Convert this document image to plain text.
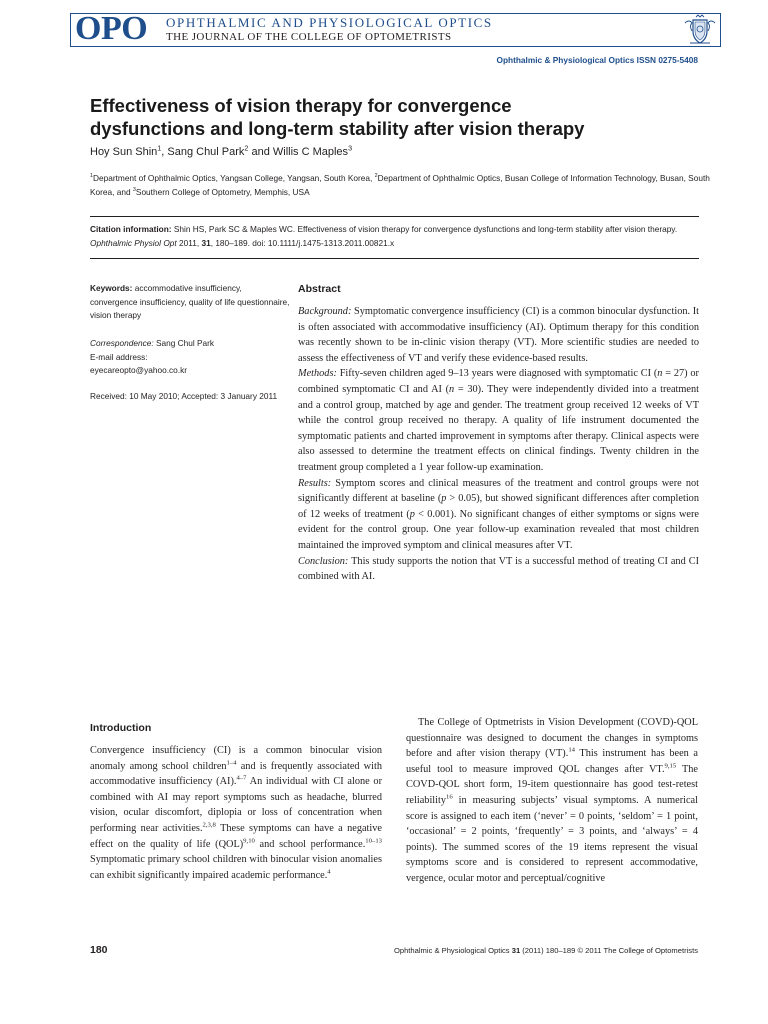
OPO OPHTHALMIC AND PHYSIOLOGICAL OPTICS
THE JOURNAL OF THE COLLEGE OF OPTOMETRISTS
Ophthalmic & Physiological Optics ISSN 0275-5408
Effectiveness of vision therapy for convergence
dysfunctions and long-term stability after vision therapy
Hoy Sun Shin$^1$, Sang Chul Park$^2$ and Willis C Maples$^3$
$^1$Department of Ophthalmic Optics, Yangsan College, Yangsan, South Korea, $^2$Department of Ophthalmic Optics, Busan College of Information Technology, Busan, South Korea, and $^3$Southern College of Optometry, Memphis, USA
Citation information: Shin HS, Park SC & Maples WC. Effectiveness of vision therapy for convergence dysfunctions and long-term stability after vision therapy. Ophthalmic Physiol Opt 2011, 31, 180–189. doi: 10.1111/j.1475-1313.2011.00821.x
Keywords: accommodative insufficiency, convergence insufficiency, quality of life questionnaire, vision therapy
Correspondence: Sang Chul Park
E-mail address:
eyecareopto@yahoo.co.kr
Received: 10 May 2010; Accepted: 3 January 2011
Abstract

Background: Symptomatic convergence insufficiency (CI) is a common binocular dysfunction. It is often associated with accommodative insufficiency (AI). Optimum therapy for this condition was recently shown to be in-clinic vision therapy (VT). More scientific studies are needed to assess the effectiveness of VT and verify these evidence-based results.

Methods: Fifty-seven children aged 9–13 years were diagnosed with symptomatic CI (n = 27) or combined symptomatic CI and AI (n = 30). They were independently divided into a treatment and a control group, matched by age and gender. The treatment group received 12 weeks of VT while the control group received no therapy. A quality of life instrument documented the symptomatic patients and charted improvement in symptoms after therapy. Clinical aspects were also assessed to determine the treatment effects on clinical findings. Twenty children in the treatment group completed a 1 year follow-up examination.

Results: Symptom scores and clinical measures of the treatment and control groups were not significantly different at baseline (p > 0.05), but showed significant differences after completion of 12 weeks of treatment (p < 0.001). No significant changes of either symptoms or signs were evident for the control group. One year follow-up examination revealed that most children maintained the improved symptom and clinical measures after VT.

Conclusion: This study supports the notion that VT is a successful method of treating CI and CI combined with AI.

Introduction

Convergence insufficiency (CI) is a common binocular vision anomaly among school children$^{1-4}$ and is frequently associated with accommodative insufficiency (AI).$^{4-7}$ An individual with CI alone or combined with AI may report symptoms such as headache, blurred vision, ocular discomfort, diplopia or loss of concentration when performing near activities.$^{2,3,8}$ These symptoms can have a negative effect on the quality of life (QOL)$^{9,10}$ and school performance.$^{10-13}$ Symptomatic primary school children with binocular vision anomalies can exhibit significantly impaired academic performance.$^4$

The College of Optmetrists in Vision Development (COVD)-QOL questionnaire was designed to document the changes in symptoms before and after vision therapy (VT).$^{14}$ This instrument has been a useful tool to measure improved QOL changes after VT.$^{9,15}$ The COVD-QOL short form, 19-item questionnaire has good test-retest reliability$^{16}$ in measuring subjects’ visual symptoms. A numerical score is assigned to each item (‘never’ = 0 points, ‘seldom’ = 1 point, ‘occasional’ = 2 points, ‘frequently’ = 3 points, and ‘always’ = 4 points). The summed scores of the 19 items represent the visual symptoms score and is considered to represent accommodative, vergence, ocular motor and perceptual/cognitive

180	Ophthalmic & Physiological Optics 31 (2011) 180–189 © 2011 The College of Optometrists
